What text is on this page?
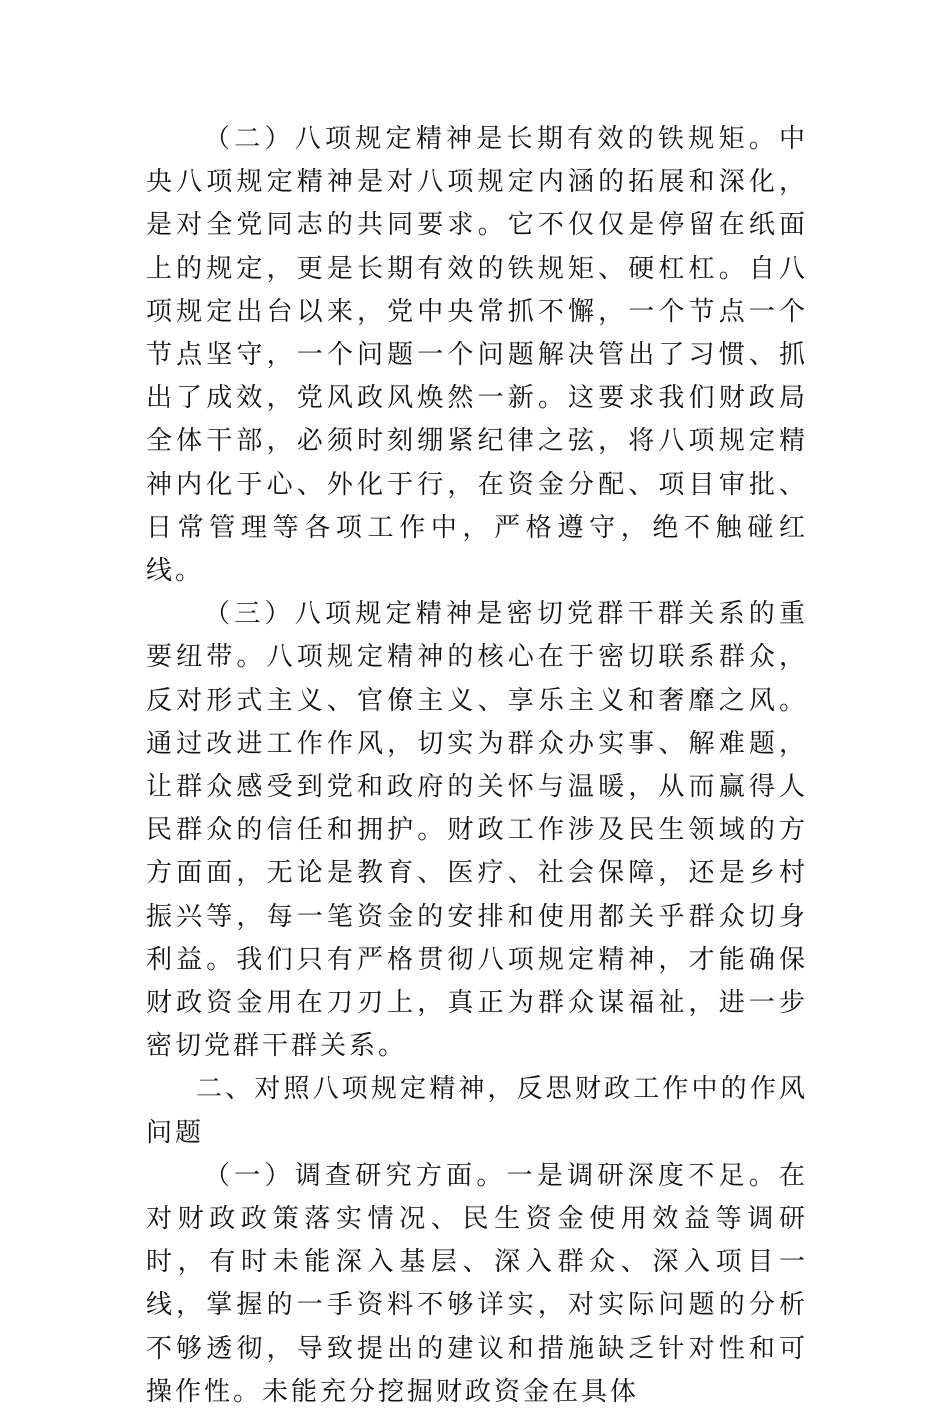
（二）八项规定精神是长期有效的铁规矩。中央八项规定精神是对八项规定内涵的拓展和深化，是对全党同志的共同要求。它不仅仅是停留在纸面上的规定，更是长期有效的铁规矩、硬杠杠。自八项规定出台以来，党中央常抓不懈，一个节点一个节点坚守，一个问题一个问题解决管出了习惯、抓出了成效，党风政风焕然一新。这要求我们财政局全体干部，必须时刻绷紧纪律之弦，将八项规定精神内化于心、外化于行，在资金分配、项目审批、日常管理等各项工作中，严格遵守，绝不触碰红线。

（三）八项规定精神是密切党群干群关系的重要纽带。八项规定精神的核心在于密切联系群众，反对形式主义、官僚主义、享乐主义和奢靡之风。通过改进工作作风，切实为群众办实事、解难题，让群众感受到党和政府的关怀与温暖，从而赢得人民群众的信任和拥护。财政工作涉及民生领域的方方面面，无论是教育、医疗、社会保障，还是乡村振兴等，每一笔资金的安排和使用都关乎群众切身利益。我们只有严格贯彻八项规定精神，才能确保财政资金用在刀刃上，真正为群众谋福祉，进一步密切党群干群关系。

二、对照八项规定精神，反思财政工作中的作风问题

（一）调查研究方面。一是调研深度不足。在对财政政策落实情况、民生资金使用效益等调研时，有时未能深入基层、深入群众、深入项目一线，掌握的一手资料不够详实，对实际问题的分析不够透彻，导致提出的建议和措施缺乏针对性和可操作性。未能充分挖掘财政资金在具体
